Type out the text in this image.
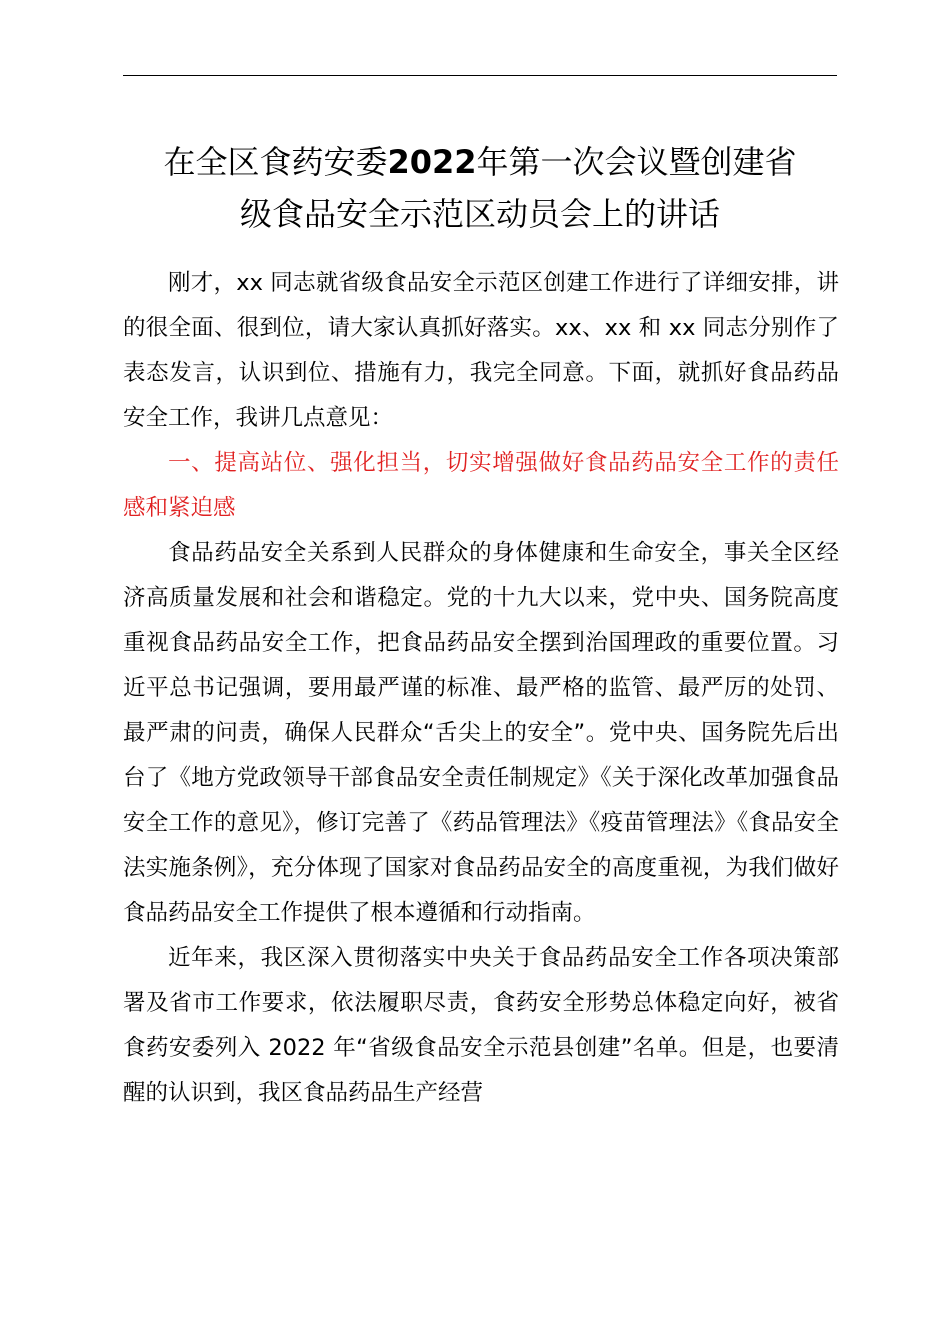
在全区食药安委2022年第一次会议暨创建省
级食品安全示范区动员会上的讲话

刚才，xx 同志就省级食品安全示范区创建工作进行了详细安排，讲的很全面、很到位，请大家认真抓好落实。xx、xx 和 xx 同志分别作了表态发言，认识到位、措施有力，我完全同意。下面，就抓好食品药品安全工作，我讲几点意见：

一、提高站位、强化担当，切实增强做好食品药品安全工作的责任感和紧迫感

食品药品安全关系到人民群众的身体健康和生命安全，事关全区经济高质量发展和社会和谐稳定。党的十九大以来，党中央、国务院高度重视食品药品安全工作，把食品药品安全摆到治国理政的重要位置。习近平总书记强调，要用最严谨的标准、最严格的监管、最严厉的处罚、最严肃的问责，确保人民群众“舌尖上的安全”。党中央、国务院先后出台了《地方党政领导干部食品安全责任制规定》《关于深化改革加强食品安全工作的意见》，修订完善了《药品管理法》《疫苗管理法》《食品安全法实施条例》，充分体现了国家对食品药品安全的高度重视，为我们做好食品药品安全工作提供了根本遵循和行动指南。

近年来，我区深入贯彻落实中央关于食品药品安全工作各项决策部署及省市工作要求，依法履职尽责，食药安全形势总体稳定向好，被省食药安委列入 2022 年“省级食品安全示范县创建”名单。但是，也要清醒的认识到，我区食品药品生产经营
